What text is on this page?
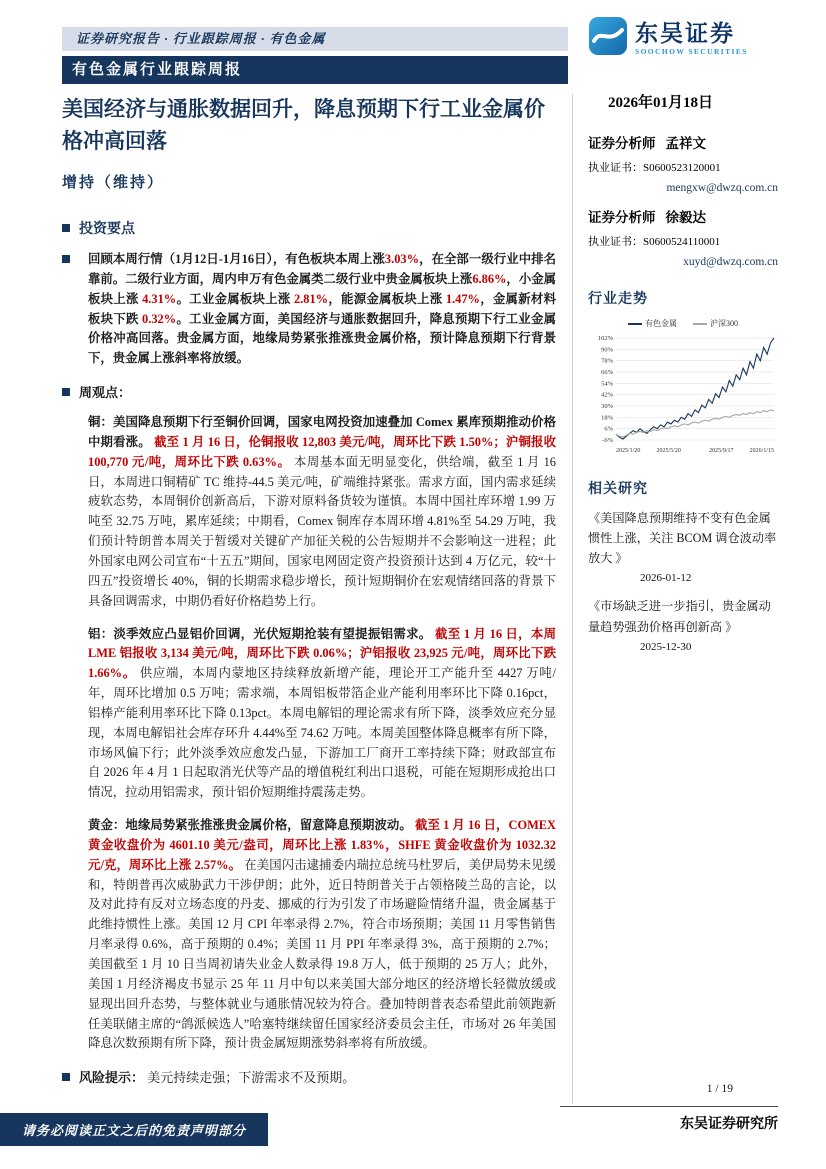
证券研究报告 · 行业跟踪周报 · 有色金属
有色金属行业跟踪周报
美国经济与通胀数据回升，降息预期下行工业金属价格冲高回落
增持（维持）
投资要点
回顾本周行情（1月12日-1月16日），有色板块本周上涨3.03%，在全部一级行业中排名靠前。二级行业方面，周内申万有色金属类二级行业中贵金属板块上涨6.86%，小金属板块上涨 4.31%。工业金属板块上涨 2.81%，能源金属板块上涨 1.47%，金属新材料板块下跌 0.32%。工业金属方面，美国经济与通胀数据回升，降息预期下行工业金属价格冲高回落。贵金属方面，地缘局势紧张推涨贵金属价格，预计降息预期下行背景下，贵金属上涨斜率将放缓。
周观点：

铜：美国降息预期下行至铜价回调，国家电网投资加速叠加 Comex 累库预期推动价格中期看涨。 截至 1 月 16 日，伦铜报收 12,803 美元/吨，周环比下跌 1.50%；沪铜报收 100,770 元/吨，周环比下跌 0.63%。 本周基本面无明显变化，供给端，截至 1 月 16 日，本周进口铜精矿 TC 维持-44.5 美元/吨，矿端维持紧张。需求方面，国内需求延续疲软态势，本周铜价创新高后，下游对原料备货较为谨慎。本周中国社库环增 1.99 万吨至 32.75 万吨，累库延续；中期看，Comex 铜库存本周环增 4.81%至 54.29 万吨，我们预计特朗普本周关于暂缓对关键矿产加征关税的公告短期并不会影响这一进程；此外国家电网公司宣布“十五五”期间，国家电网固定资产投资预计达到 4 万亿元，较“十四五”投资增长 40%，铜的长期需求稳步增长，预计短期铜价在宏观情绪回落的背景下具备回调需求，中期仍看好价格趋势上行。

铝：淡季效应凸显铝价回调，光伏短期抢装有望提振铝需求。 截至 1 月 16 日，本周 LME 铝报收 3,134 美元/吨，周环比下跌 0.06%；沪铝报收 23,925 元/吨，周环比下跌 1.66%。 供应端，本周内蒙地区持续释放新增产能，理论开工产能升至 4427 万吨/年，周环比增加 0.5 万吨；需求端，本周铝板带箔企业产能利用率环比下降 0.16pct，铝棒产能利用率环比下降 0.13pct。本周电解铝的理论需求有所下降，淡季效应充分显现，本周电解铝社会库存环升 4.44%至 74.62 万吨。本周美国整体降息概率有所下降，市场风偏下行；此外淡季效应愈发凸显，下游加工厂商开工率持续下降；财政部宣布自 2026 年 4 月 1 日起取消光伏等产品的增值税红利出口退税，可能在短期形成抢出口情况，拉动用铝需求，预计铝价短期维持震荡走势。

黄金：地缘局势紧张推涨贵金属价格，留意降息预期波动。 截至 1 月 16 日，COMEX 黄金收盘价为 4601.10 美元/盎司，周环比上涨 1.83%，SHFE 黄金收盘价为 1032.32 元/克，周环比上涨 2.57%。 在美国闪击逮捕委内瑞拉总统马杜罗后，美伊局势未见缓和，特朗普再次威胁武力干涉伊朗；此外，近日特朗普关于占领格陵兰岛的言论，以及对此持有反对立场态度的丹麦、挪威的行为引发了市场避险情绪升温，贵金属基于此维持惯性上涨。美国 12 月 CPI 年率录得 2.7%，符合市场预期；美国 11 月零售销售月率录得 0.6%，高于预期的 0.4%；美国 11 月 PPI 年率录得 3%，高于预期的 2.7%；美国截至 1 月 10 日当周初请失业金人数录得 19.8 万人，低于预期的 25 万人；此外，美国 1 月经济褐皮书显示 25 年 11 月中旬以来美国大部分地区的经济增长轻微放缓或显现出回升态势，与整体就业与通胀情况较为符合。叠加特朗普表态希望此前领跑新任美联储主席的“鸽派候选人”哈塞特继续留任国家经济委员会主任，市场对 26 年美国降息次数预期有所下降，预计贵金属短期涨势斜率将有所放缓。

风险提示： 美元持续走强；下游需求不及预期。
东吴证券
SOOCHOW SECURITIES
2026年01月18日
证券分析师 孟祥文
执业证书：S0600523120001
mengxw@dwzq.com.cn
证券分析师 徐毅达
执业证书：S0600524110001
xuyd@dwzq.com.cn
行业走势
有色金属	沪深300
102%
90%
78%
66%
54%
42%
30%
18%
6%
-6%
2025/1/20	2025/5/20	2025/9/17	2026/1/15
相关研究
《美国降息预期维持不变有色金属惯性上涨，关注 BCOM 调仓波动率放大 》
2026-01-12
《市场缺乏进一步指引，贵金属动量趋势强劲价格再创新高 》
2025-12-30
1 / 19
东吴证券研究所
请务必阅读正文之后的免责声明部分
